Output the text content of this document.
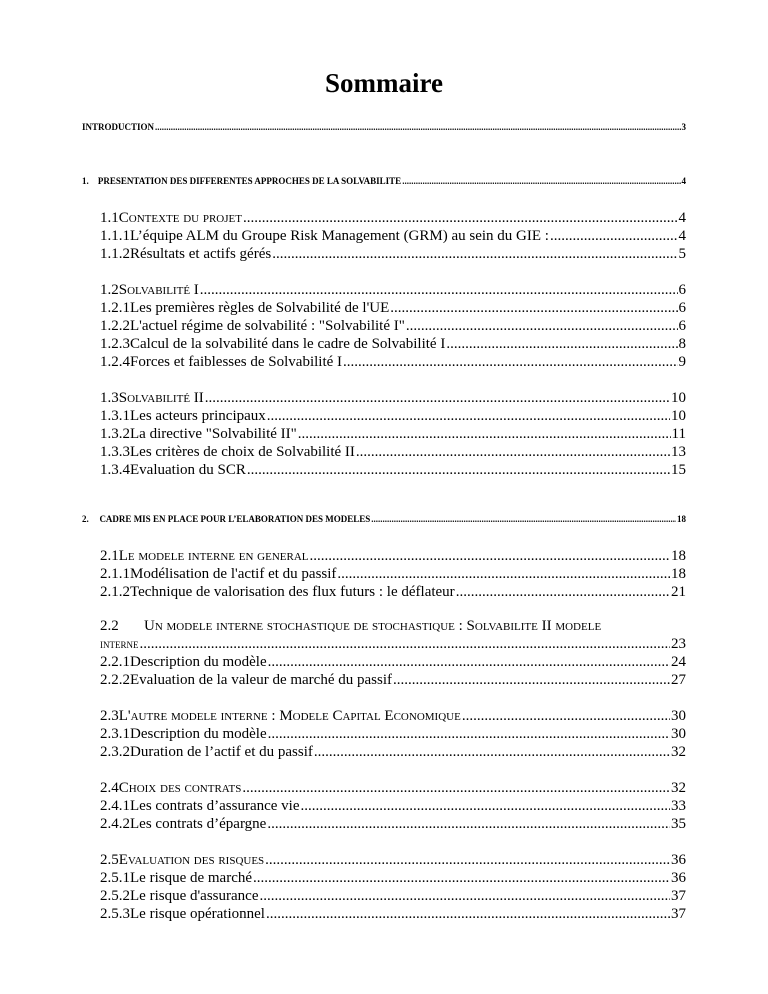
Sommaire
INTRODUCTION .....	3
1.	PRESENTATION DES DIFFERENTES APPROCHES DE LA SOLVABILITE .....	4
1.1 Contexte du projet .....	4
1.1.1 L’équipe ALM du Groupe Risk Management (GRM) au sein du GIE : .....	4
1.1.2 Résultats et actifs gérés .....	5
1.2 Solvabilité I .....	6
1.2.1 Les premières règles de Solvabilité de l'UE .....	6
1.2.2 L'actuel régime de solvabilité : "Solvabilité I" .....	6
1.2.3 Calcul de la solvabilité dans le cadre de Solvabilité I .....	8
1.2.4 Forces et faiblesses de Solvabilité I .....	9
1.3 Solvabilité II .....	10
1.3.1 Les acteurs principaux .....	10
1.3.2 La directive "Solvabilité II" .....	11
1.3.3 Les critères de choix de Solvabilité II .....	13
1.3.4 Evaluation du SCR .....	15
2.	CADRE MIS EN PLACE POUR L’ELABORATION DES MODELES .....	18
2.1 Le modele interne en general .....	18
2.1.1 Modélisation de l'actif et du passif .....	18
2.1.2 Technique de valorisation des flux futurs : le déflateur .....	21
2.2	Un modele interne stochastique de stochastique : Solvabilite II modele
interne .....	23
2.2.1 Description du modèle .....	24
2.2.2 Evaluation de la valeur de marché du passif .....	27
2.3 L'autre modele interne : Modele Capital Economique .....	30
2.3.1 Description du modèle .....	30
2.3.2 Duration de l’actif et du passif .....	32
2.4 Choix des contrats .....	32
2.4.1 Les contrats d’assurance vie .....	33
2.4.2 Les contrats d’épargne .....	35
2.5 Evaluation des risques .....	36
2.5.1 Le risque de marché .....	36
2.5.2 Le risque d'assurance .....	37
2.5.3 Le risque opérationnel .....	37
